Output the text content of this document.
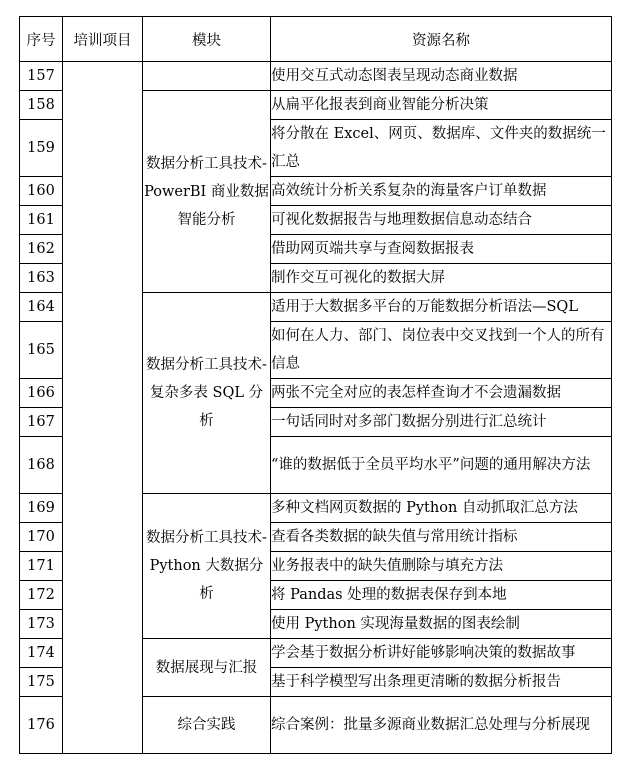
序号	培训项目	模块	资源名称
157			使用交互式动态图表呈现动态商业数据
158		数据分析工具技术-PowerBI 商业数据智能分析	从扁平化报表到商业智能分析决策
159			将分散在 Excel、网页、数据库、文件夹的数据统一汇总
160			高效统计分析关系复杂的海量客户订单数据
161			可视化数据报告与地理数据信息动态结合
162			借助网页端共享与查阅数据报表
163			制作交互可视化的数据大屏
164		数据分析工具技术-复杂多表 SQL 分析	适用于大数据多平台的万能数据分析语法—SQL
165			如何在人力、部门、岗位表中交叉找到一个人的所有信息
166			两张不完全对应的表怎样查询才不会遗漏数据
167			一句话同时对多部门数据分别进行汇总统计
168			“谁的数据低于全员平均水平”问题的通用解决方法
169		数据分析工具技术-Python 大数据分析	多种文档网页数据的 Python 自动抓取汇总方法
170			查看各类数据的缺失值与常用统计指标
171			业务报表中的缺失值删除与填充方法
172			将 Pandas 处理的数据表保存到本地
173			使用 Python 实现海量数据的图表绘制
174		数据展现与汇报	学会基于数据分析讲好能够影响决策的数据故事
175			基于科学模型写出条理更清晰的数据分析报告
176		综合实践	综合案例：批量多源商业数据汇总处理与分析展现
